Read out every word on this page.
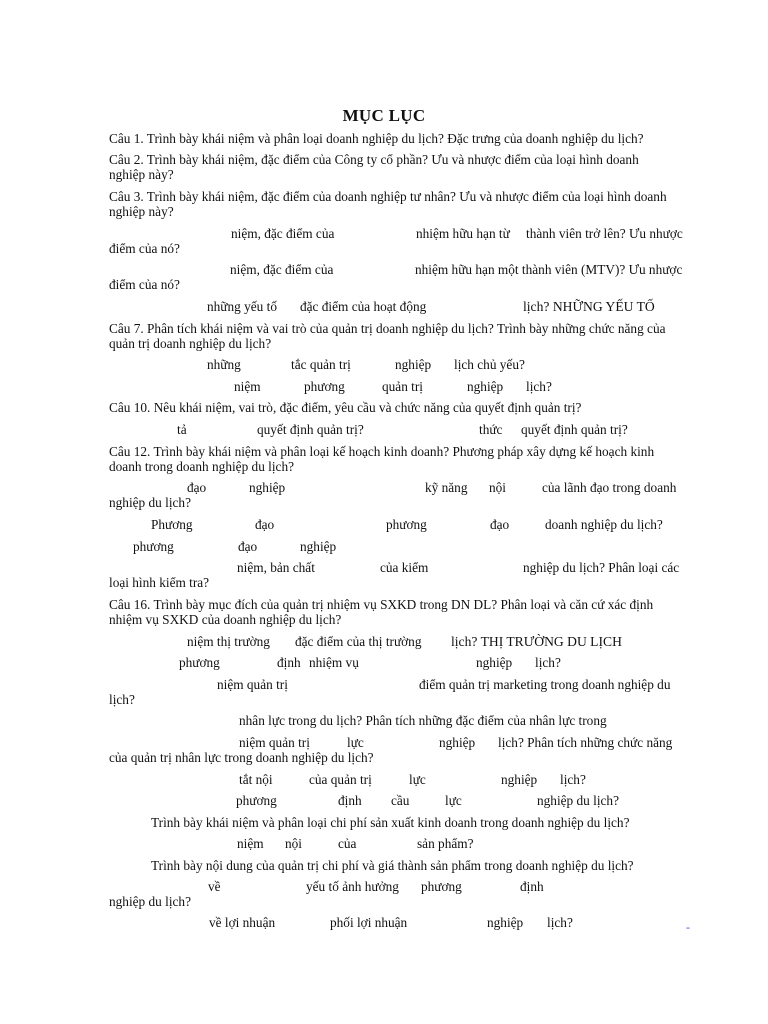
MỤC LỤC
Câu 1. Trình bày khái niệm và phân loại doanh nghiệp du lịch? Đặc trưng của doanh nghiệp du lịch?
Câu 2. Trình bày khái niệm, đặc điểm của Công ty cổ phần? Ưu và nhược điểm của loại hình doanh
nghiệp này?
Câu 3. Trình bày khái niệm, đặc điểm của doanh nghiệp tư nhân? Ưu và nhược điểm của loại hình doanh
nghiệp này?
niệm, đặc điểm của	nhiệm hữu hạn từ thành viên trở lên? Ưu nhược
điểm của nó?
niệm, đặc điểm của	nhiệm hữu hạn một thành viên (MTV)? Ưu nhược
điểm của nó?
những yếu tố đặc điểm của hoạt động	lịch? NHỮNG YẾU TỐ
Câu 7. Phân tích khái niệm và vai trò của quản trị doanh nghiệp du lịch? Trình bày những chức năng của
quản trị doanh nghiệp du lịch?
những	tắc quản trị	nghiệp lịch chủ yếu?
niệm	phương	quản trị	nghiệp lịch?
Câu 10. Nêu khái niệm, vai trò, đặc điểm, yêu cầu và chức năng của quyết định quản trị?
tả	quyết định quản trị?	thức quyết định quản trị?
Câu 12. Trình bày khái niệm và phân loại kế hoạch kinh doanh? Phương pháp xây dựng kế hoạch kinh
doanh trong doanh nghiệp du lịch?
đạo	nghiệp	kỹ năng nội	của lãnh đạo trong doanh
nghiệp du lịch?
Phương	đạo	phương	đạo	doanh nghiệp du lịch?
phương	đạo	nghiệp
niệm, bản chất	của kiểm	nghiệp du lịch? Phân loại các
loại hình kiểm tra?
Câu 16. Trình bày mục đích của quản trị nhiệm vụ SXKD trong DN DL? Phân loại và căn cứ xác định
nhiệm vụ SXKD của doanh nghiệp du lịch?
niệm thị trường đặc điểm của thị trường lịch? THỊ TRƯỜNG DU LỊCH
phương	định nhiệm vụ	nghiệp lịch?
niệm quản trị	điểm quản trị marketing trong doanh nghiệp du
lịch?
nhân lực trong du lịch? Phân tích những đặc điểm của nhân lực trong
niệm quản trị	lực	nghiệp lịch? Phân tích những chức năng
của quản trị nhân lực trong doanh nghiệp du lịch?
tắt nội	của quản trị	lực	nghiệp lịch?
phương	định cầu	lực	nghiệp du lịch?
Trình bày khái niệm và phân loại chi phí sản xuất kinh doanh trong doanh nghiệp du lịch?
niệm nội	của	sản phẩm?
Trình bày nội dung của quản trị chi phí và giá thành sản phẩm trong doanh nghiệp du lịch?
về	yếu tố ảnh hưởng phương	định
nghiệp du lịch?
về lợi nhuận	phối lợi nhuận	nghiệp lịch?	-
